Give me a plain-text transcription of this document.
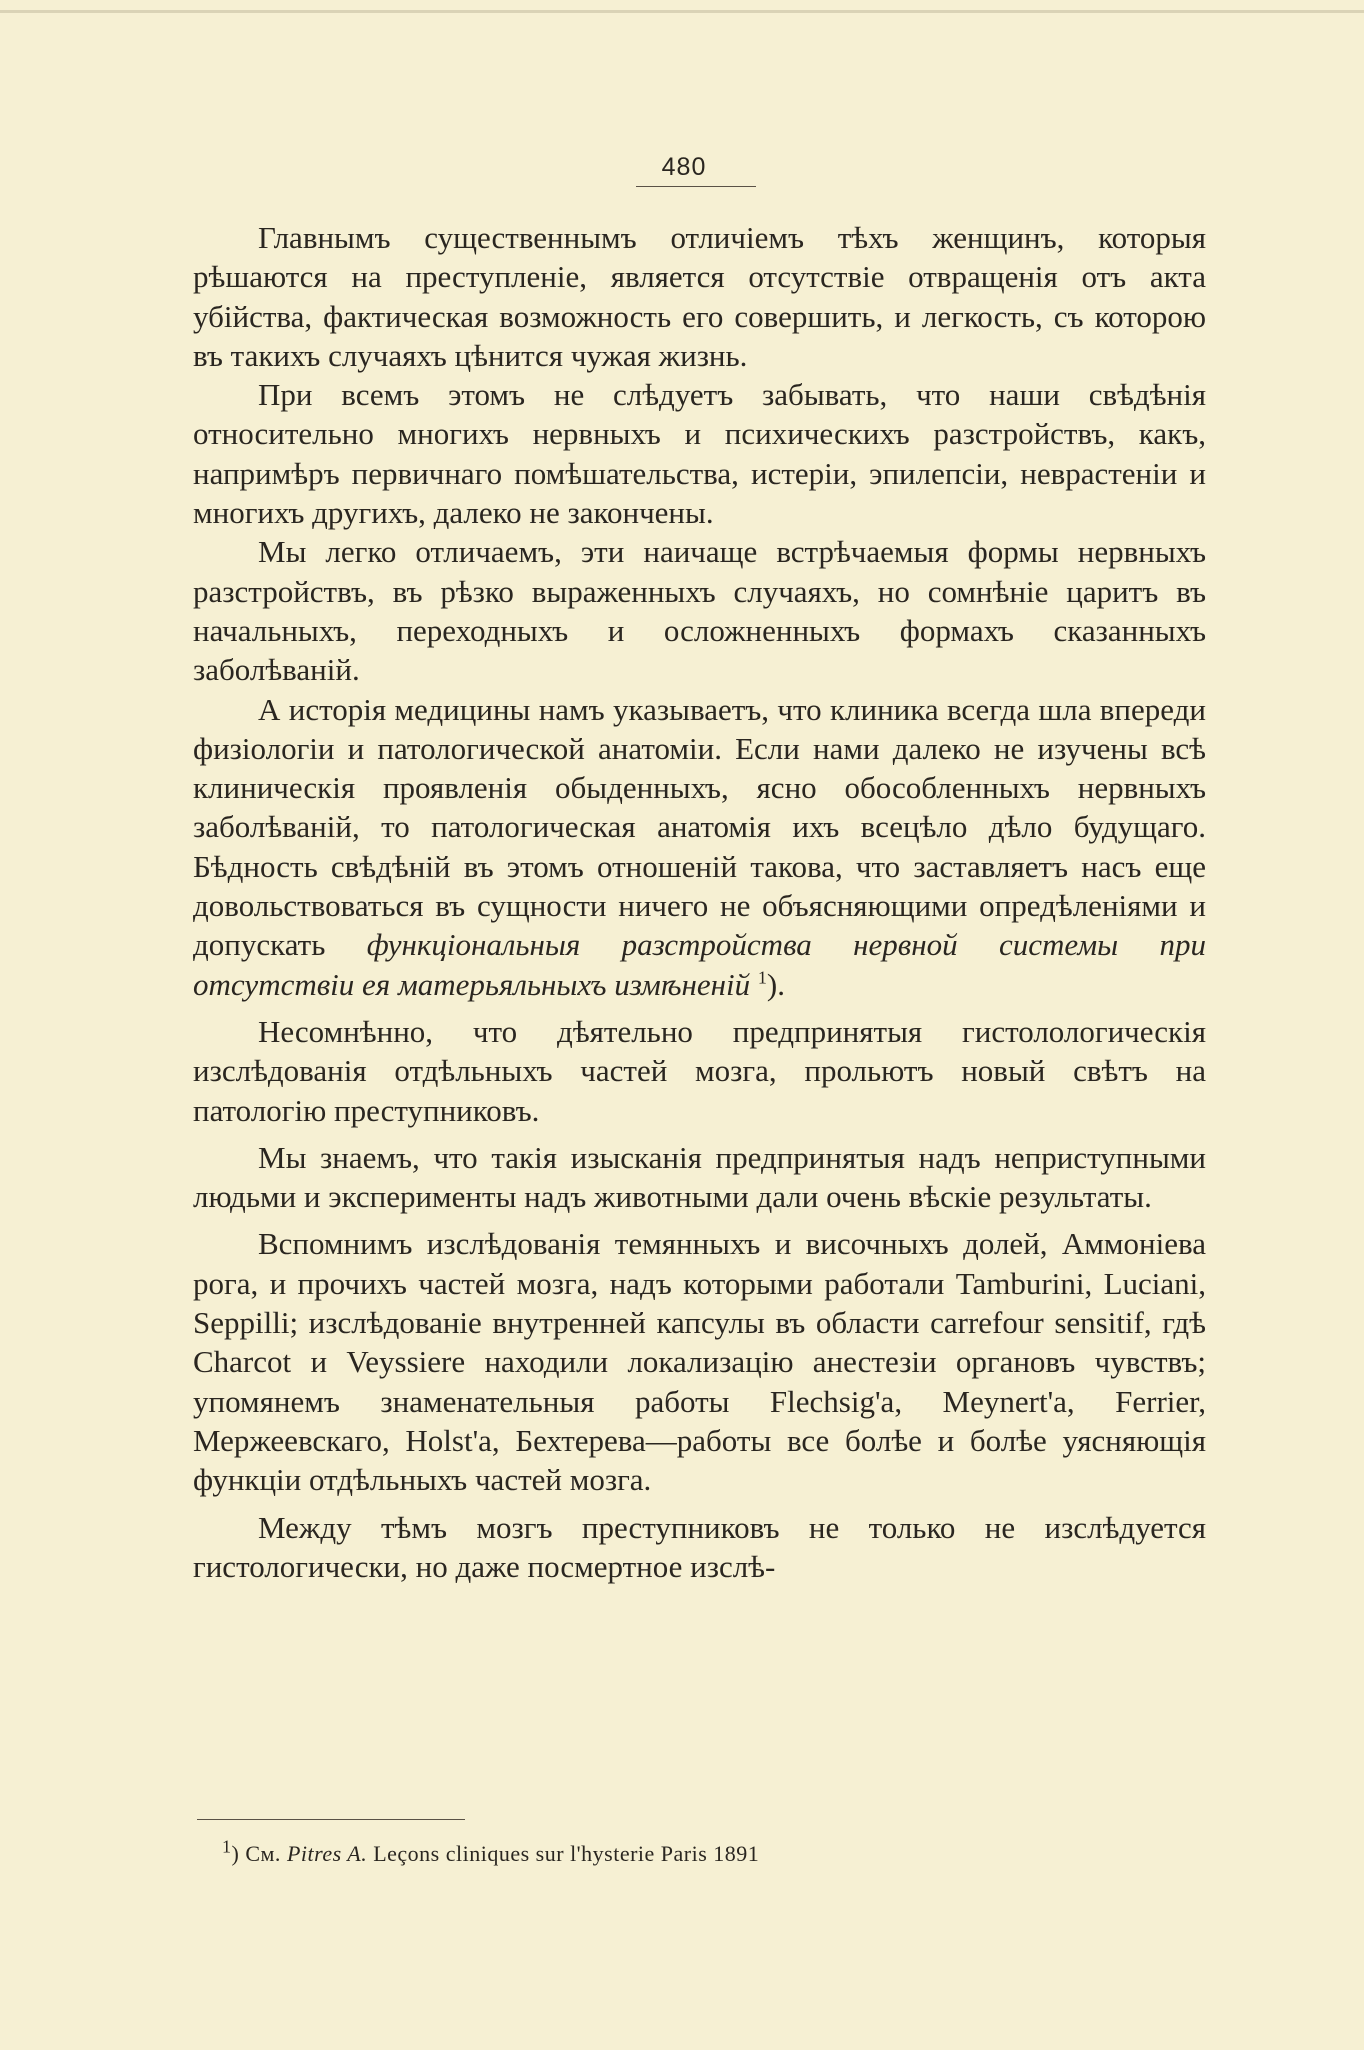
480

Главнымъ существеннымъ отличіемъ тѣхъ женщинъ, которыя рѣшаются на преступленіе, является отсутствіе отвращенія отъ акта убійства, фактическая возможность его совершить, и легкость, съ которою въ такихъ случаяхъ цѣнится чужая жизнь.

При всемъ этомъ не слѣдуетъ забывать, что наши свѣдѣнія относительно многихъ нервныхъ и психическихъ разстройствъ, какъ, напримѣръ первичнаго помѣшательства, истеріи, эпилепсіи, неврастеніи и многихъ другихъ, далеко не закончены.

Мы легко отличаемъ, эти наичаще встрѣчаемыя формы нервныхъ разстройствъ, въ рѣзко выраженныхъ случаяхъ, но сомнѣніе царитъ въ начальныхъ, переходныхъ и осложненныхъ формахъ сказанныхъ заболѣваній.

А исторія медицины намъ указываетъ, что клиника всегда шла впереди физіологіи и патологической анатоміи. Если нами далеко не изучены всѣ клиническія проявленія обыденныхъ, ясно обособленныхъ нервныхъ заболѣваній, то патологическая анатомія ихъ всецѣло дѣло будущаго. Бѣдность свѣдѣній въ этомъ отношеній такова, что заставляетъ насъ еще довольствоваться въ сущности ничего не объясняющими опредѣленіями и допускать функціональныя разстройства нервной системы при отсутствіи ея матерьяльныхъ измѣненій $^1$).

Несомнѣнно, что дѣятельно предпринятыя гистолологическія изслѣдованія отдѣльныхъ частей мозга, прольютъ новый свѣтъ на патологію преступниковъ.

Мы знаемъ, что такія изысканія предпринятыя надъ неприступными людьми и эксперименты надъ животными дали очень вѣскіе результаты.

Вспомнимъ изслѣдованія темянныхъ и височныхъ долей, Аммоніева рога, и прочихъ частей мозга, надъ которыми работали Tamburini, Luciani, Seppilli; изслѣдованіе внутренней капсулы въ области carrefour sensitif, гдѣ Charcot и Veyssiere находили локализацію анестезіи органовъ чувствъ; упомянемъ знаменательныя работы Flechsig'a, Meynert'a, Ferrier, Мержеевскаго, Holst'a, Бехтерева—работы все болѣе и болѣе уясняющія функціи отдѣльныхъ частей мозга.

Между тѣмъ мозгъ преступниковъ не только не изслѣдуется гистологически, но даже посмертное изслѣ-

$^1$) См. Pitres A. Leçons cliniques sur l'hysterie Paris 1891
